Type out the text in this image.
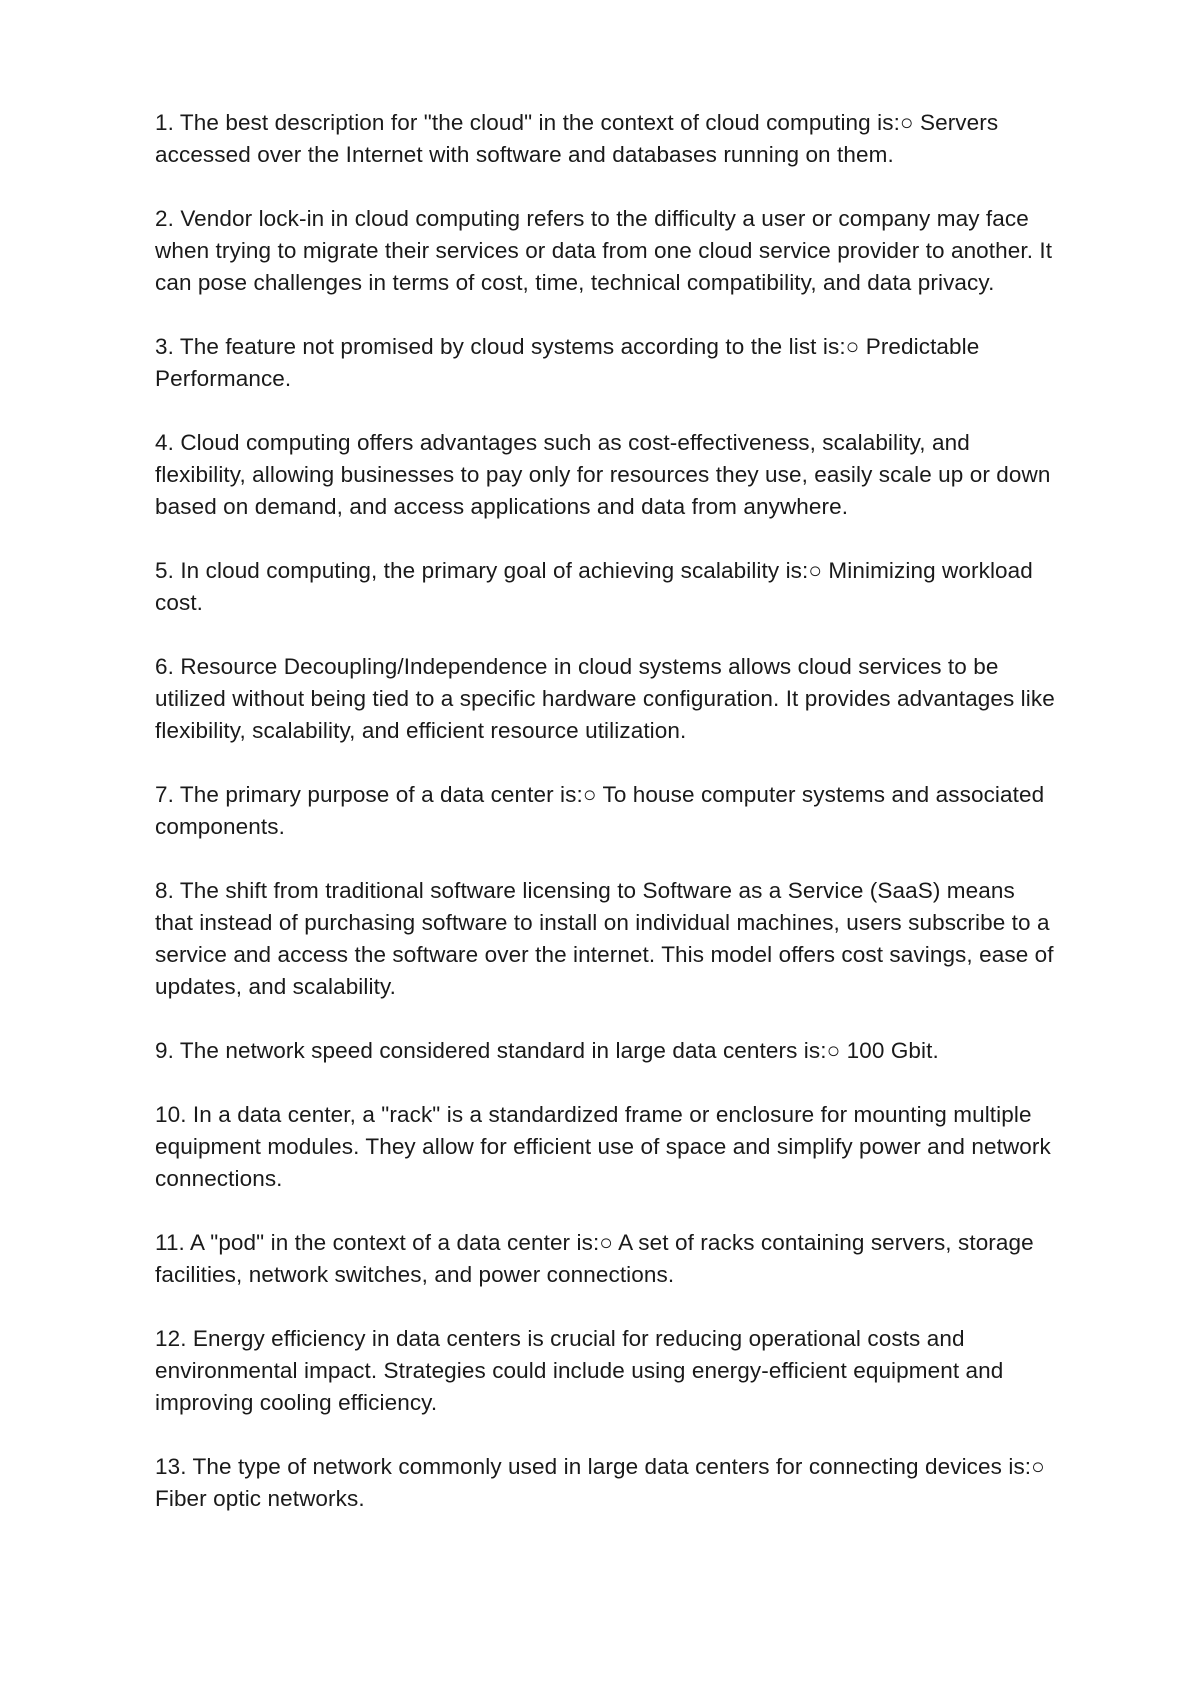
1. The best description for "the cloud" in the context of cloud computing is:○ Servers accessed over the Internet with software and databases running on them.

2. Vendor lock-in in cloud computing refers to the difficulty a user or company may face when trying to migrate their services or data from one cloud service provider to another. It can pose challenges in terms of cost, time, technical compatibility, and data privacy.

3. The feature not promised by cloud systems according to the list is:○ Predictable Performance.

4. Cloud computing offers advantages such as cost-effectiveness, scalability, and flexibility, allowing businesses to pay only for resources they use, easily scale up or down based on demand, and access applications and data from anywhere.

5. In cloud computing, the primary goal of achieving scalability is:○ Minimizing workload cost.

6. Resource Decoupling/Independence in cloud systems allows cloud services to be utilized without being tied to a specific hardware configuration. It provides advantages like flexibility, scalability, and efficient resource utilization.

7. The primary purpose of a data center is:○ To house computer systems and associated components.

8. The shift from traditional software licensing to Software as a Service (SaaS) means that instead of purchasing software to install on individual machines, users subscribe to a service and access the software over the internet. This model offers cost savings, ease of updates, and scalability.

9. The network speed considered standard in large data centers is:○ 100 Gbit.

10. In a data center, a "rack" is a standardized frame or enclosure for mounting multiple equipment modules. They allow for efficient use of space and simplify power and network connections.

11. A "pod" in the context of a data center is:○ A set of racks containing servers, storage facilities, network switches, and power connections.

12. Energy efficiency in data centers is crucial for reducing operational costs and environmental impact. Strategies could include using energy-efficient equipment and improving cooling efficiency.

13. The type of network commonly used in large data centers for connecting devices is:○ Fiber optic networks.
